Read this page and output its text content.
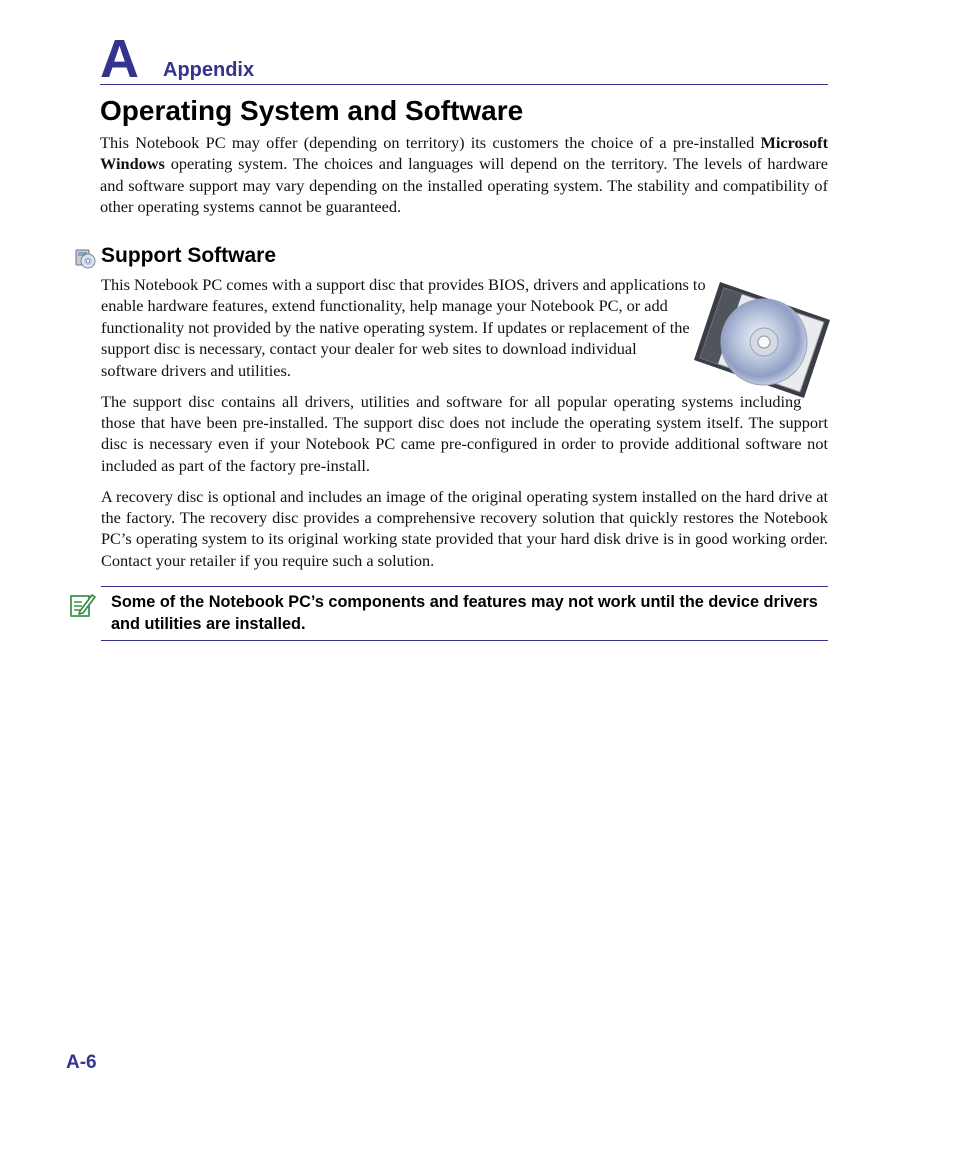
A Appendix
Operating System and Software

This Notebook PC may offer (depending on territory) its customers the choice of a pre-installed Microsoft Windows operating system. The choices and languages will depend on the territory. The levels of hardware and software support may vary depending on the installed operating system. The stability and compatibility of other operating systems cannot be guaranteed.

Support Software

This Notebook PC comes with a support disc that provides BIOS, drivers and applications to enable hardware features, extend functionality, help manage your Notebook PC, or add functionality not provided by the native operating system. If updates or replacement of the support disc is necessary, contact your dealer for web sites to download individual software drivers and utilities.

The support disc contains all drivers, utilities and software for all popular operating systems including those that have been pre-installed. The support disc does not include the operating system itself. The support disc is necessary even if your Notebook PC came pre-configured in order to provide additional software not included as part of the factory pre-install.

A recovery disc is optional and includes an image of the original operating system installed on the hard drive at the factory. The recovery disc provides a comprehensive recovery solution that quickly restores the Notebook PC’s operating system to its original working state provided that your hard disk drive is in good working order. Contact your retailer if you require such a solution.

Some of the Notebook PC’s components and features may not work until the device drivers and utilities are installed.

A-6
